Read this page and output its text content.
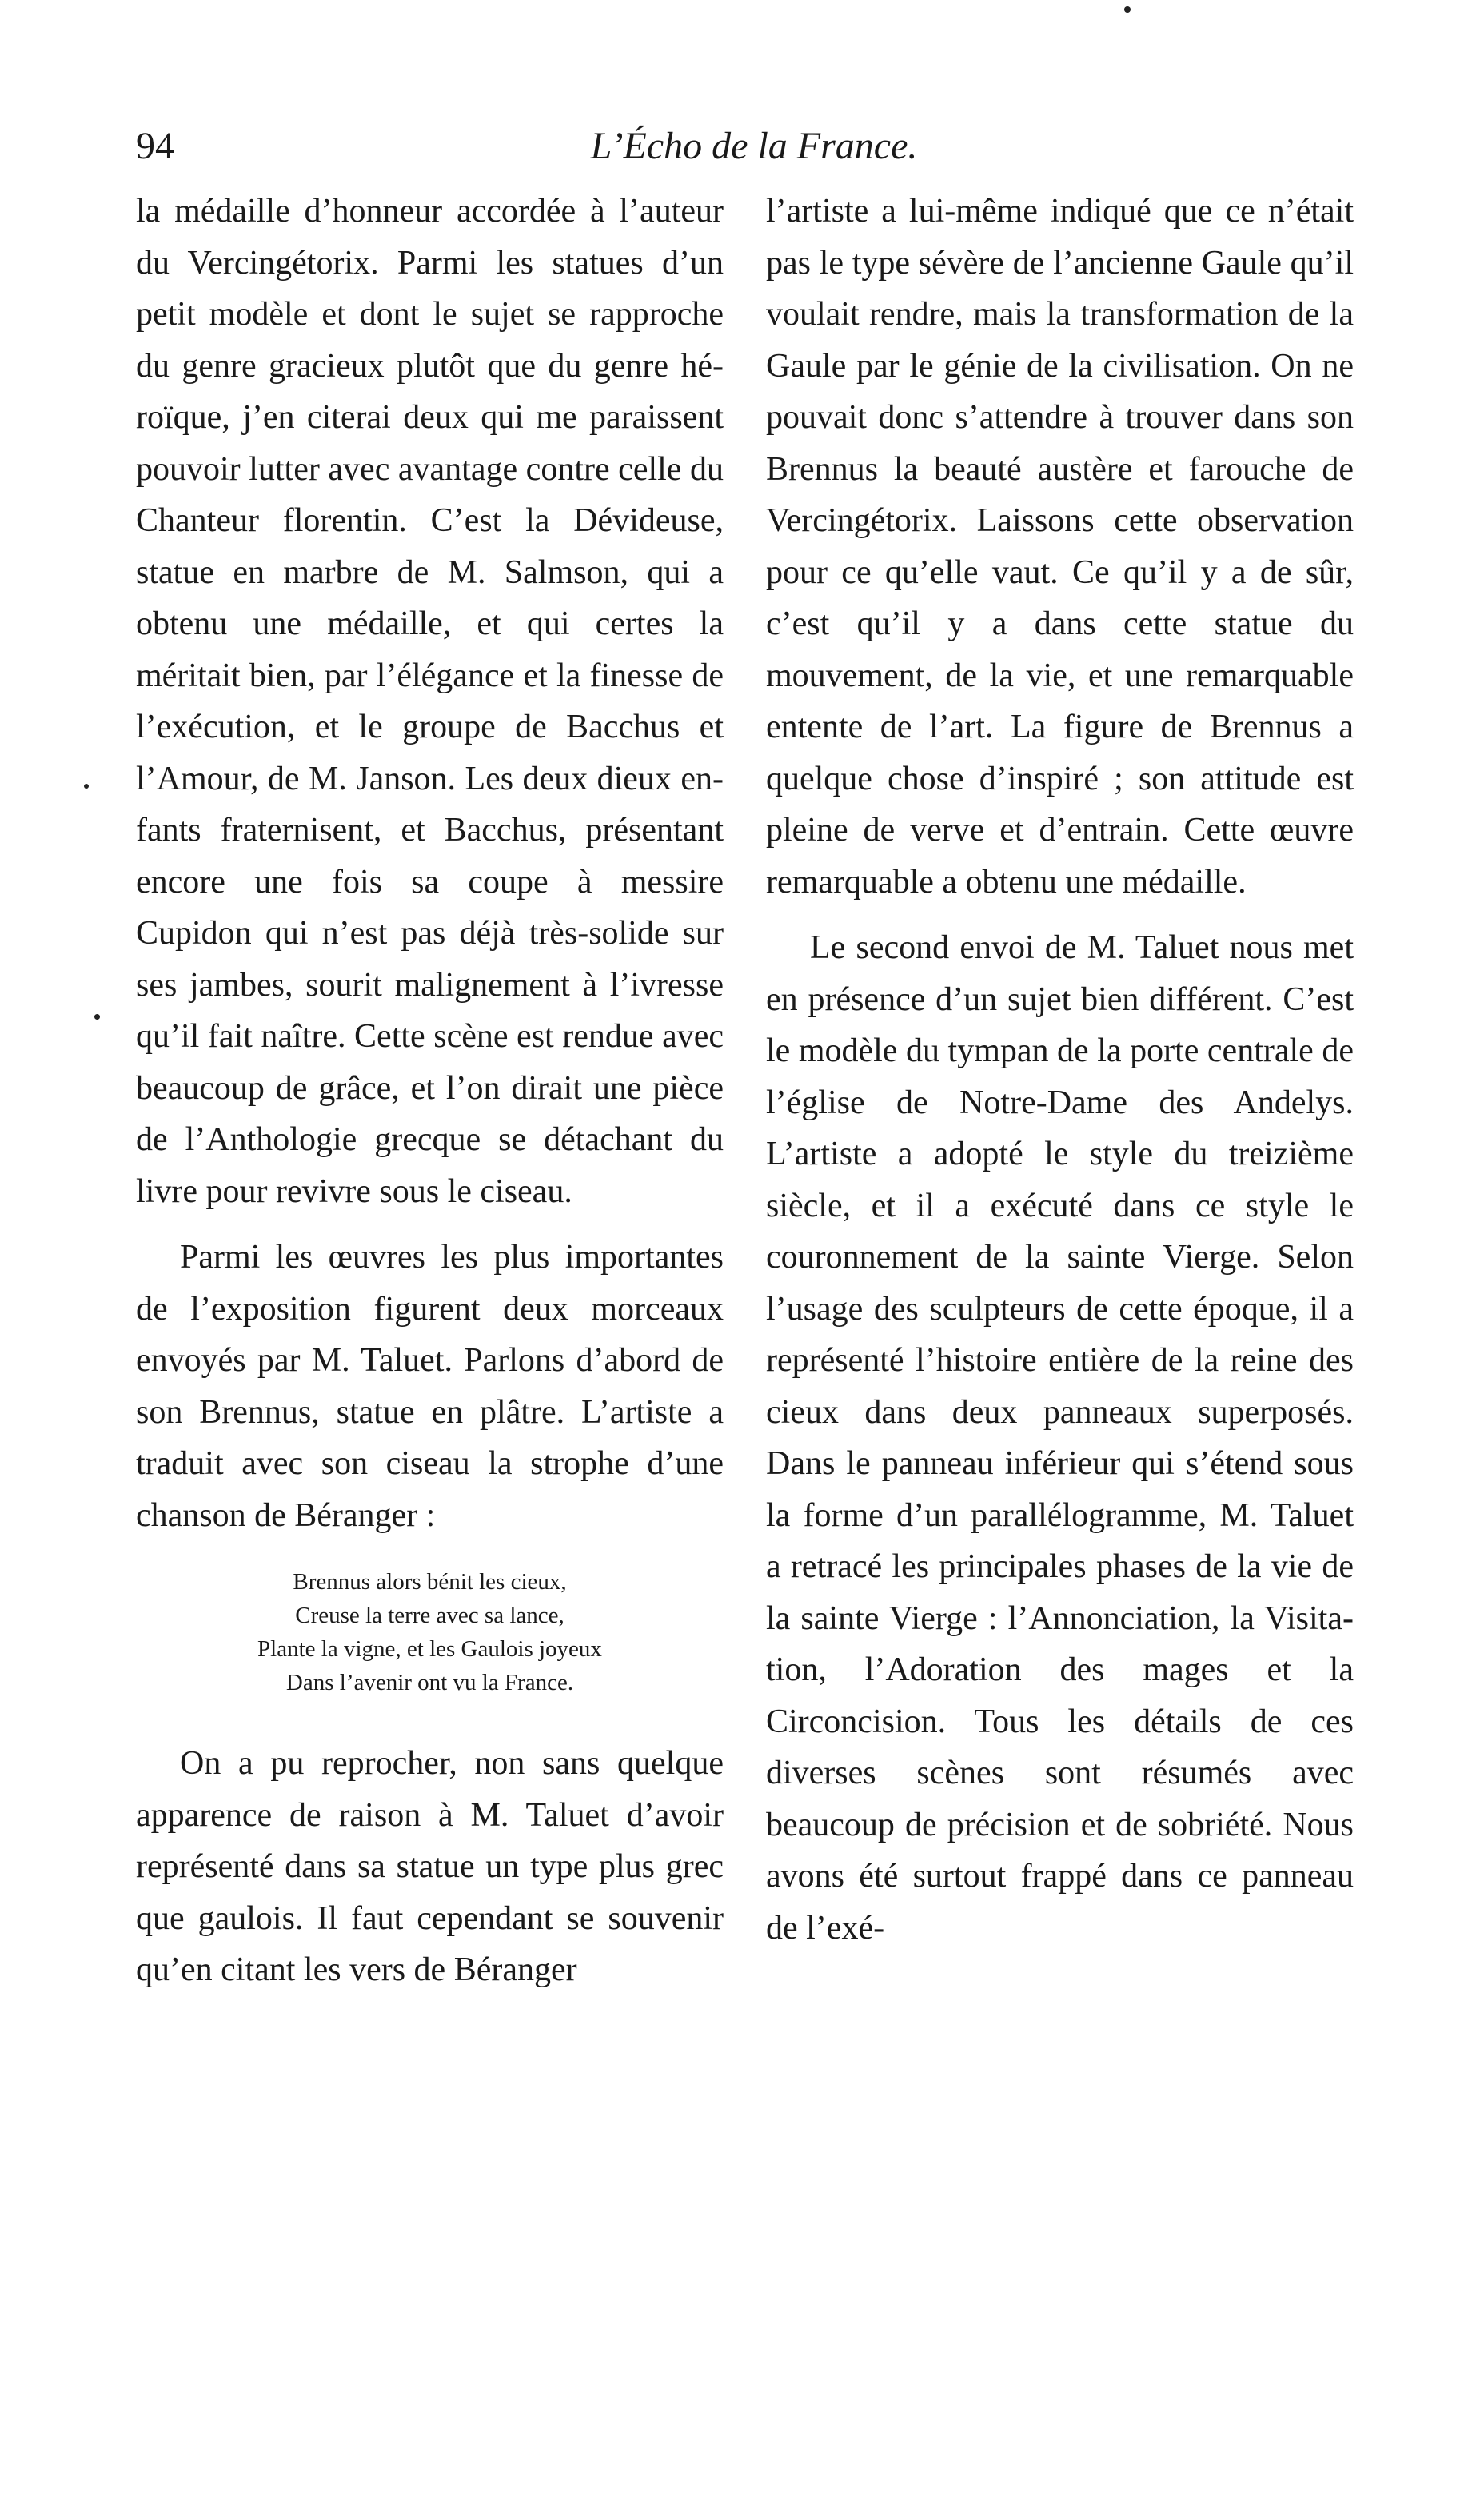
94	L’Écho de la France.

la médaille d’honneur accordée à l’auteur du Vercingétorix. Parmi les statues d’un petit modèle et dont le sujet se rapproche du genre gracieux plutôt que du genre héroïque, j’en citerai deux qui me paraissent pouvoir lutter avec avantage contre celle du Chanteur florentin. C’est la Dévideuse, statue en marbre de M. Salmson, qui a obtenu une médaille, et qui certes la méritait bien, par l’élégance et la finesse de l’exécution, et le groupe de Bacchus et l’Amour, de M. Janson. Les deux dieux enfants fraternisent, et Bacchus, présentant encore une fois sa coupe à messire Cupidon qui n’est pas déjà très-solide sur ses jambes, sourit malignement à l’ivresse qu’il fait naître. Cette scène est rendue avec beaucoup de grâce, et l’on dirait une pièce de l’Anthologie grecque se détachant du livre pour revivre sous le ciseau.

Parmi les œuvres les plus importantes de l’exposition figurent deux morceaux envoyés par M. Taluet. Parlons d’abord de son Brennus, statue en plâtre. L’artiste a traduit avec son ciseau la strophe d’une chanson de Béranger :

Brennus alors bénit les cieux,
Creuse la terre avec sa lance,
Plante la vigne, et les Gaulois joyeux
Dans l’avenir ont vu la France.

On a pu reprocher, non sans quelque apparence de raison à M. Taluet d’avoir représenté dans sa statue un type plus grec que gaulois. Il faut cependant se souvenir qu’en citant les vers de Béranger

l’artiste a lui-même indiqué que ce n’était pas le type sévère de l’ancienne Gaule qu’il voulait rendre, mais la transformation de la Gaule par le génie de la civilisation. On ne pouvait donc s’attendre à trouver dans son Brennus la beauté austère et farouche de Vercingétorix. Laissons cette observation pour ce qu’elle vaut. Ce qu’il y a de sûr, c’est qu’il y a dans cette statue du mouvement, de la vie, et une remarquable entente de l’art. La figure de Brennus a quelque chose d’inspiré ; son attitude est pleine de verve et d’entrain. Cette œuvre remarquable a obtenu une médaille.

Le second envoi de M. Taluet nous met en présence d’un sujet bien différent. C’est le modèle du tympan de la porte centrale de l’église de Notre-Dame des Andelys. L’artiste a adopté le style du treizième siècle, et il a exécuté dans ce style le couronnement de la sainte Vierge. Selon l’usage des sculpteurs de cette époque, il a représenté l’histoire entière de la reine des cieux dans deux panneaux superposés. Dans le panneau inférieur qui s’étend sous la forme d’un parallélogramme, M. Taluet a retracé les principales phases de la vie de la sainte Vierge : l’Annonciation, la Visitation, l’Adoration des mages et la Circoncision. Tous les détails de ces diverses scènes sont résumés avec beaucoup de précision et de sobriété. Nous avons été surtout frappé dans ce panneau de l’exé-
